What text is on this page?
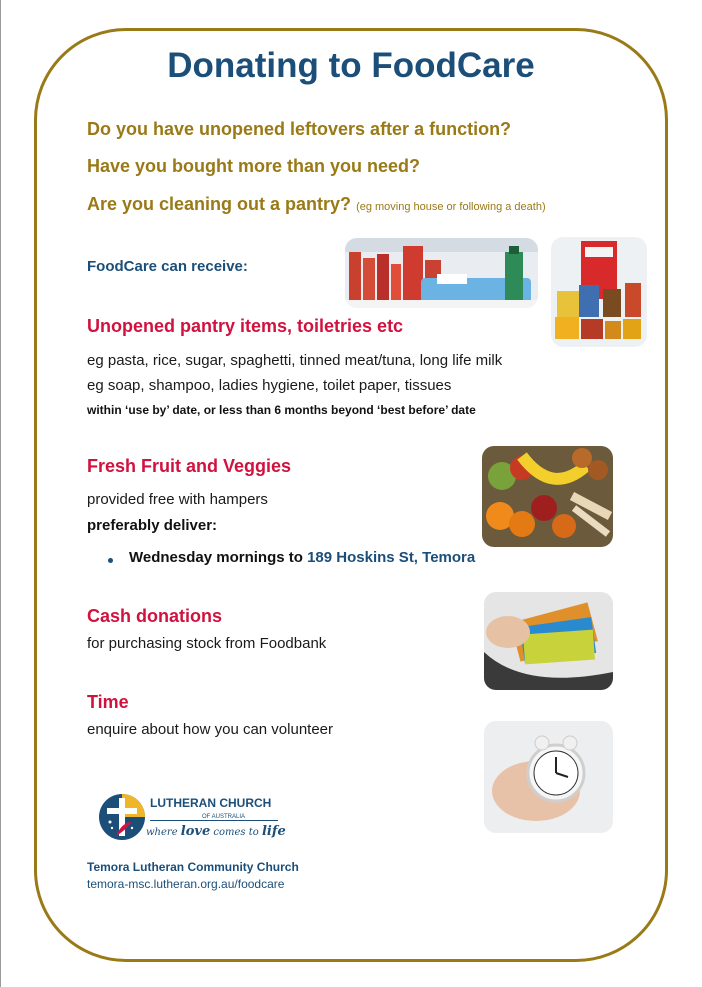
Donating to FoodCare
Do you have unopened leftovers after a function?
Have you bought more than you need?
Are you cleaning out a pantry? (eg moving house or following a death)
FoodCare can receive:
Unopened pantry items, toiletries etc
eg pasta, rice, sugar, spaghetti, tinned meat/tuna, long life milk
eg soap, shampoo, ladies hygiene, toilet paper, tissues
within ‘use by’ date, or less than 6 months beyond ‘best before’ date
Fresh Fruit and Veggies
provided free with hampers
preferably deliver:
Wednesday mornings to 189 Hoskins St, Temora
Cash donations
for purchasing stock from Foodbank
Time
enquire about how you can volunteer
LUTHERAN CHURCH
OF AUSTRALIA
where love comes to life
Temora Lutheran Community Church
temora-msc.lutheran.org.au/foodcare
